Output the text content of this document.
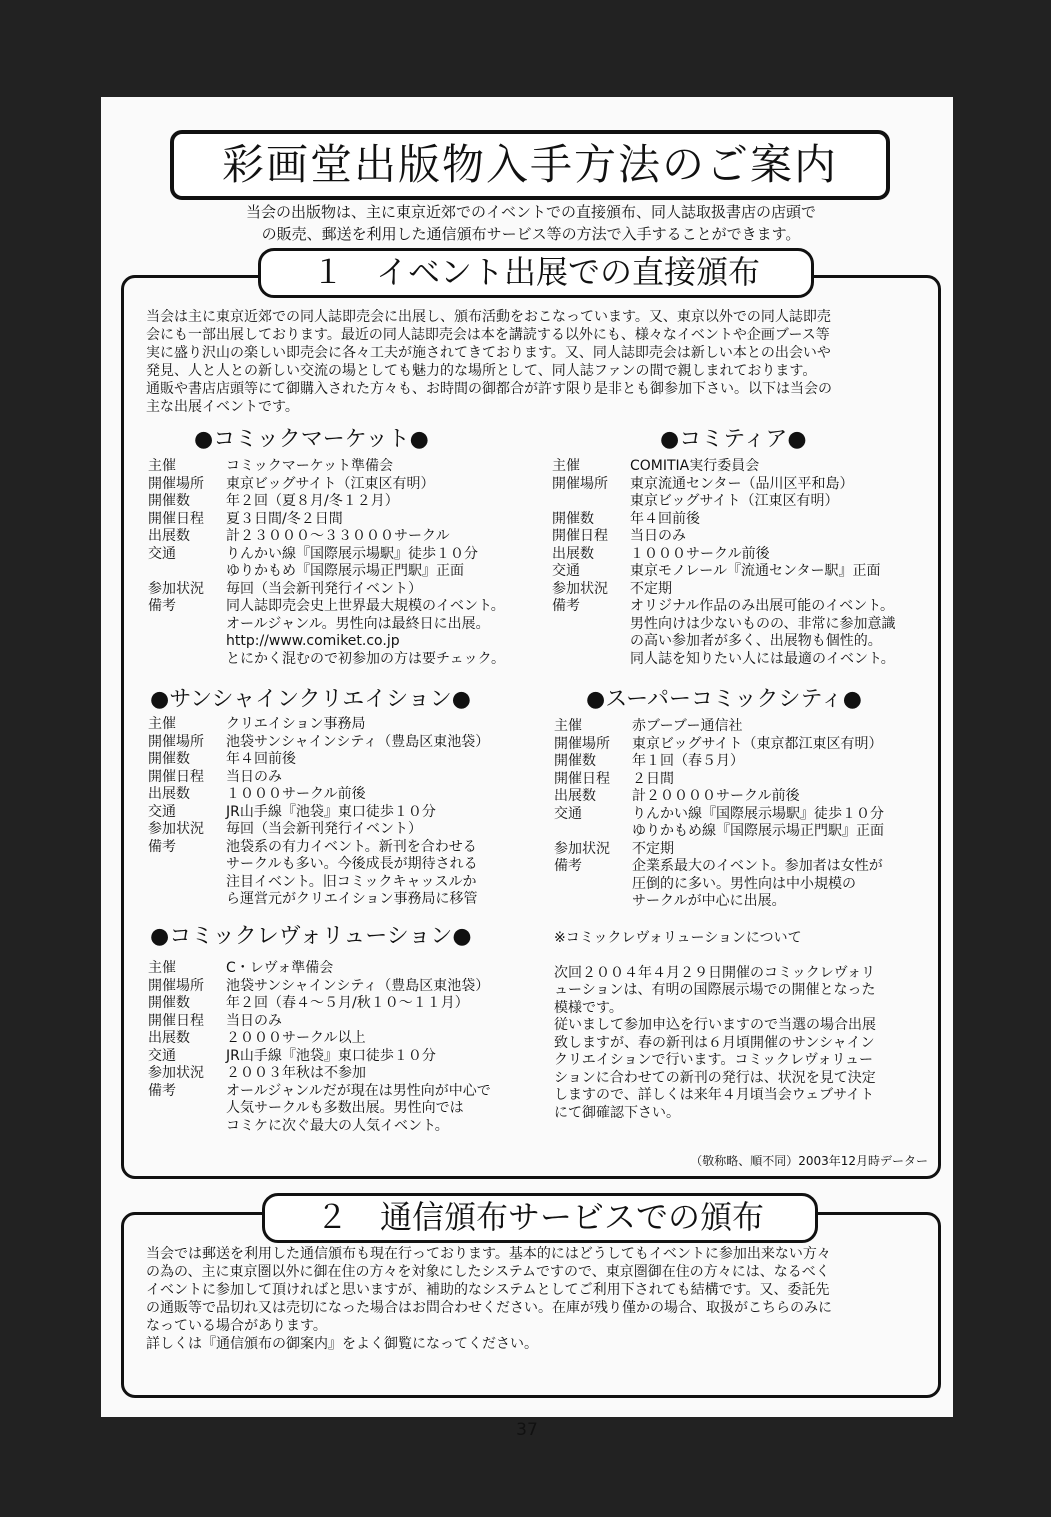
彩画堂出版物入手方法のご案内
当会の出版物は、主に東京近郊でのイベントでの直接頒布、同人誌取扱書店の店頭で
の販売、郵送を利用した通信頒布サービス等の方法で入手することができます。
１　イベント出展での直接頒布
当会は主に東京近郊での同人誌即売会に出展し、頒布活動をおこなっています。又、東京以外での同人誌即売
会にも一部出展しております。最近の同人誌即売会は本を講読する以外にも、様々なイベントや企画ブース等
実に盛り沢山の楽しい即売会に各々工夫が施されてきております。又、同人誌即売会は新しい本との出会いや
発見、人と人との新しい交流の場としても魅力的な場所として、同人誌ファンの間で親しまれております。
通販や書店店頭等にて御購入された方々も、お時間の御都合が許す限り是非とも御参加下さい。以下は当会の
主な出展イベントです。
●コミックマーケット●
主催	コミックマーケット準備会

開催場所	東京ビッグサイト（江東区有明）

開催数	年２回（夏８月/冬１２月）

開催日程	夏３日間/冬２日間

出展数	計２３０００～３３０００サークル

交通	りんかい線『国際展示場駅』徒歩１０分
ゆりかもめ『国際展示場正門駅』正面

参加状況	毎回（当会新刊発行イベント）

備考	同人誌即売会史上世界最大規模のイベント。
オールジャンル。男性向は最終日に出展。
http://www.comiket.co.jp
とにかく混むので初参加の方は要チェック。
●コミティア●
主催	COMITIA実行委員会

開催場所	東京流通センター（品川区平和島）
東京ビッグサイト（江東区有明）

開催数	年４回前後

開催日程	当日のみ

出展数	１０００サークル前後

交通	東京モノレール『流通センター駅』正面

参加状況	不定期

備考	オリジナル作品のみ出展可能のイベント。
男性向けは少ないものの、非常に参加意識
の高い参加者が多く、出展物も個性的。
同人誌を知りたい人には最適のイベント。
●サンシャインクリエイション●
主催	クリエイション事務局

開催場所	池袋サンシャインシティ（豊島区東池袋）

開催数	年４回前後

開催日程	当日のみ

出展数	１０００サークル前後

交通	JR山手線『池袋』東口徒歩１０分

参加状況	毎回（当会新刊発行イベント）

備考	池袋系の有力イベント。新刊を合わせる
サークルも多い。今後成長が期待される
注目イベント。旧コミックキャッスルか
ら運営元がクリエイション事務局に移管
●スーパーコミックシティ●
主催	赤ブーブー通信社

開催場所	東京ビッグサイト（東京都江東区有明）

開催数	年１回（春５月）

開催日程	２日間

出展数	計２００００サークル前後

交通	りんかい線『国際展示場駅』徒歩１０分
ゆりかもめ線『国際展示場正門駅』正面

参加状況	不定期

備考	企業系最大のイベント。参加者は女性が
圧倒的に多い。男性向は中小規模の
サークルが中心に出展。
●コミックレヴォリューション●
主催	C・レヴォ準備会

開催場所	池袋サンシャインシティ（豊島区東池袋）

開催数	年２回（春４～５月/秋１０～１１月）

開催日程	当日のみ

出展数	２０００サークル以上

交通	JR山手線『池袋』東口徒歩１０分

参加状況	２００３年秋は不参加

備考	オールジャンルだが現在は男性向が中心で
人気サークルも多数出展。男性向では
コミケに次ぐ最大の人気イベント。
※コミックレヴォリューションについて
次回２００４年４月２９日開催のコミックレヴォリ
ューションは、有明の国際展示場での開催となった
模様です。
従いまして参加申込を行いますので当選の場合出展
致しますが、春の新刊は６月頃開催のサンシャイン
クリエイションで行います。コミックレヴォリュー
ションに合わせての新刊の発行は、状況を見て決定
しますので、詳しくは来年４月頃当会ウェブサイト
にて御確認下さい。
（敬称略、順不同）2003年12月時データー
２　通信頒布サービスでの頒布
当会では郵送を利用した通信頒布も現在行っております。基本的にはどうしてもイベントに参加出来ない方々
の為の、主に東京圏以外に御在住の方々を対象にしたシステムですので、東京圏御在住の方々には、なるべく
イベントに参加して頂ければと思いますが、補助的なシステムとしてご利用下されても結構です。又、委託先
の通販等で品切れ又は売切になった場合はお問合わせください。在庫が残り僅かの場合、取扱がこちらのみに
なっている場合があります。
詳しくは『通信頒布の御案内』をよく御覧になってください。
37
